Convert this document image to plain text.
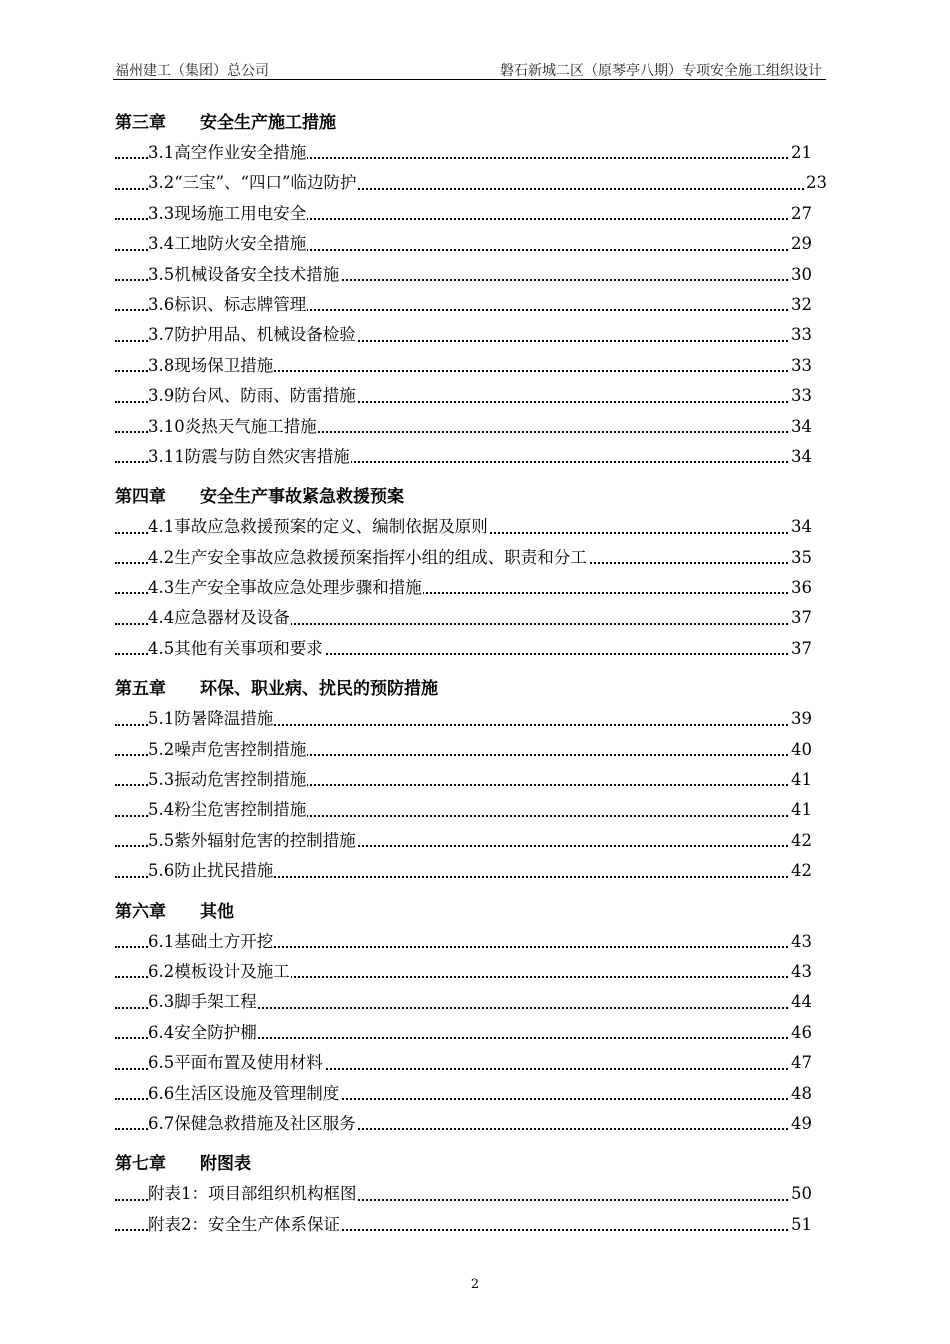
福州建工（集团）总公司	磐石新城二区（原琴亭八期）专项安全施工组织设计
第三章 安全生产施工措施
3.1高空作业安全措施	21
3.2“三宝”、“四口”临边防护	23
3.3现场施工用电安全	27
3.4工地防火安全措施	29
3.5机械设备安全技术措施	30
3.6标识、标志牌管理	32
3.7防护用品、机械设备检验	33
3.8现场保卫措施	33
3.9防台风、防雨、防雷措施	33
3.10炎热天气施工措施	34
3.11防震与防自然灾害措施	34
第四章 安全生产事故紧急救援预案
4.1事故应急救援预案的定义、编制依据及原则	34
4.2生产安全事故应急救援预案指挥小组的组成、职责和分工	35
4.3生产安全事故应急处理步骤和措施	36
4.4应急器材及设备	37
4.5其他有关事项和要求	37
第五章 环保、职业病、扰民的预防措施
5.1防暑降温措施	39
5.2噪声危害控制措施	40
5.3振动危害控制措施	41
5.4粉尘危害控制措施	41
5.5紫外辐射危害的控制措施	42
5.6防止扰民措施	42
第六章 其他
6.1基础土方开挖	43
6.2模板设计及施工	43
6.3脚手架工程	44
6.4安全防护棚	46
6.5平面布置及使用材料	47
6.6生活区设施及管理制度	48
6.7保健急救措施及社区服务	49
第七章 附图表
附表1：项目部组织机构框图	50
附表2：安全生产体系保证	51
2
